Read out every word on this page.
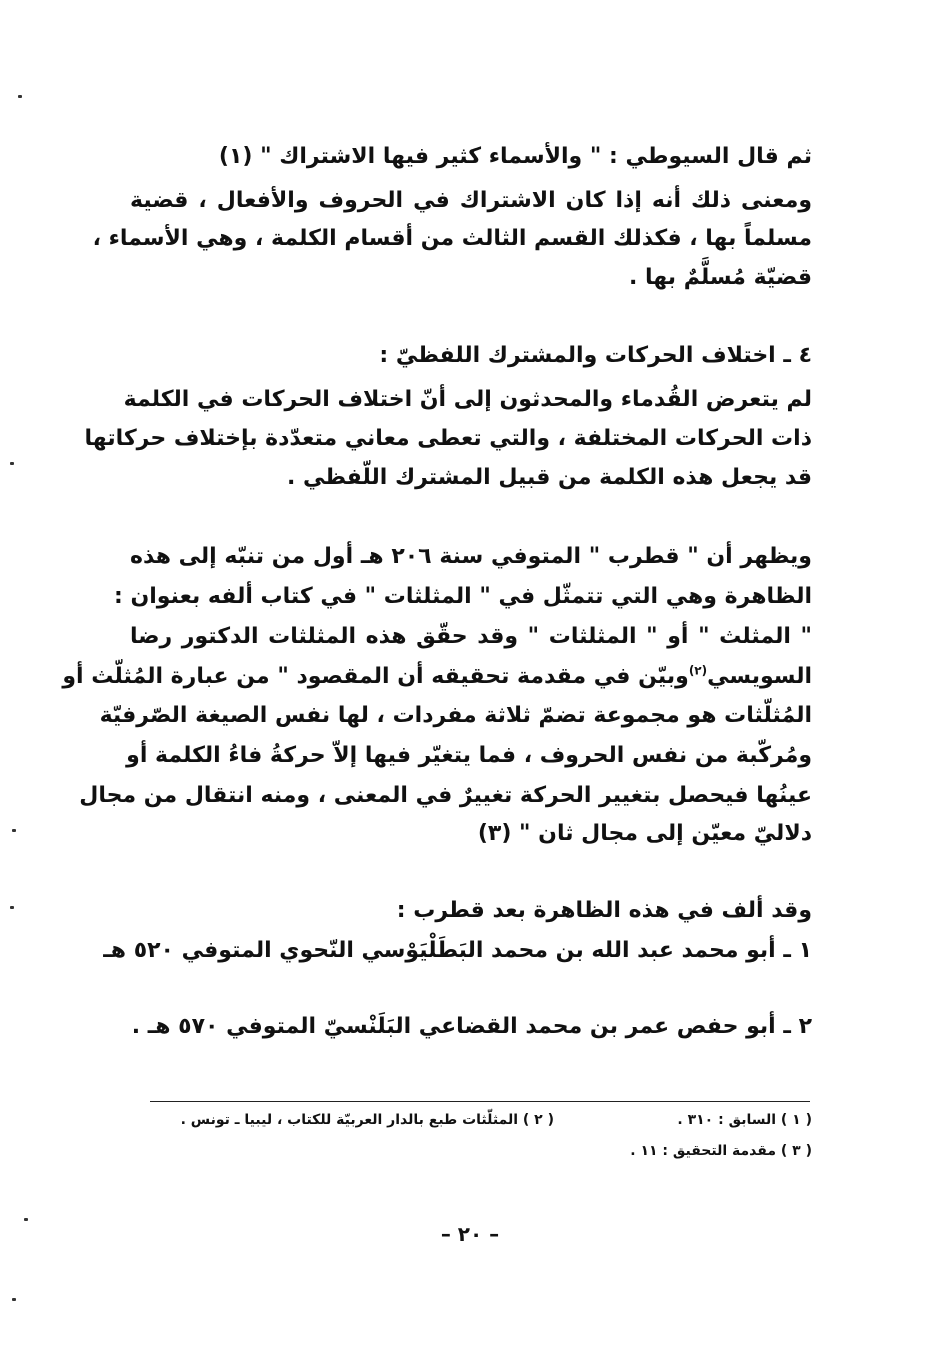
ثم قال السيوطي : " والأسماء كثير فيها الاشتراك " (١)
ومعنى ذلك أنه إذا كان الاشتراك في الحروف والأفعال ، قضية
مسلماً بها ، فكذلك القسم الثالث من أقسام الكلمة ، وهي الأسماء ،
قضيّة مُسلَّمٌ بها .
٤ ـ اختلاف الحركات والمشترك اللفظيّ :
لم يتعرض القُدماء والمحدثون إلى أنّ اختلاف الحركات في الكلمة
ذات الحركات المختلفة ، والتي تعطى معاني متعدّدة بإختلاف حركاتها
قد يجعل هذه الكلمة من قبيل المشترك اللّفظي .
ويظهر أن " قطرب " المتوفي سنة ٢٠٦ هـ أول من تنبّه إلى هذه
الظاهرة وهي التي تتمثّل في " المثلثات " في كتاب ألفه بعنوان :
" المثلث " أو " المثلثات " وقد حقّق هذه المثلثات الدكتور رضا
السويسي$^{(٢)}$وبيّن في مقدمة تحقيقه أن المقصود " من عبارة المُثلّث أو
المُثلّثات هو مجموعة تضمّ ثلاثة مفردات ، لها نفس الصيغة الصّرفيّة
ومُركّبة من نفس الحروف ، فما يتغيّر فيها إلاّ حركةُ فاءُ الكلمة أو
عينُها فيحصل بتغيير الحركة تغييرٌ في المعنى ، ومنه انتقال من مجال
دلاليّ معيّن إلى مجال ثان " (٣)
وقد ألف في هذه الظاهرة بعد قطرب :
١ ـ أبو محمد عبد الله بن محمد البَطَلْيَوْسي النّحوي المتوفي ٥٢٠ هـ
٢ ـ أبو حفص عمر بن محمد القضاعي البَلَنْسيّ المتوفي ٥٧٠ هـ .
( ١ ) السابق : ٣١٠ .
( ٢ ) المثلّثات طبع بالدار العربيّة للكتاب ، ليبيا ـ تونس .
( ٣ ) مقدمة التحقيق : ١١ .
– ٢٠ –
